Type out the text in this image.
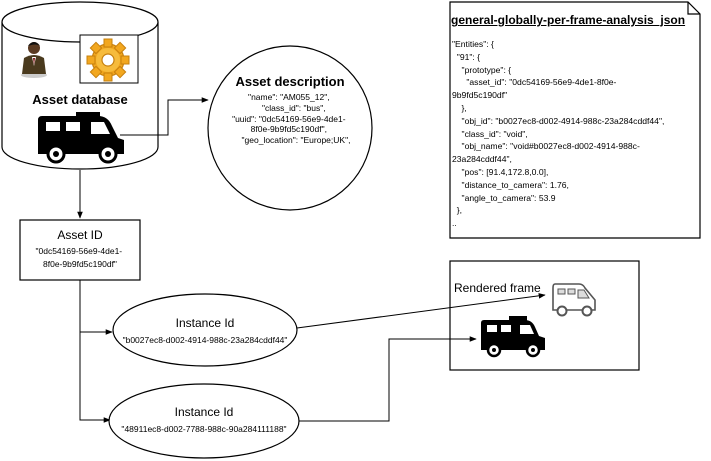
Asset database
Asset description
"name": "AM055_12", "class_id": "bus", "uuid": "0dc54169-56e9-4de1- 8f0e-9b9fd5c190df", "geo_location": "Europe;UK",
Asset ID
"0dc54169-56e9-4de1- 8f0e-9b9fd5c190df"
Instance Id
"b0027ec8-d002-4914-988c-23a284cddf44"
Instance Id
"48911ec8-d002-7788-988c-90a284111188"
Rendered frame
general-globally-per-frame-analysis_json
"Entities": {
"91": {
"prototype": {
"asset_id": "0dc54169-56e9-4de1-8f0e-
9b9fd5c190df"
},
"obj_id": "b0027ec8-d002-4914-988c-23a284cddf44",
"class_id": "void",
"obj_name": "void#b0027ec8-d002-4914-988c-
23a284cddf44",
"pos": [91.4,172.8,0.0],
"distance_to_camera": 1.76,
"angle_to_camera": 53.9
},
..
